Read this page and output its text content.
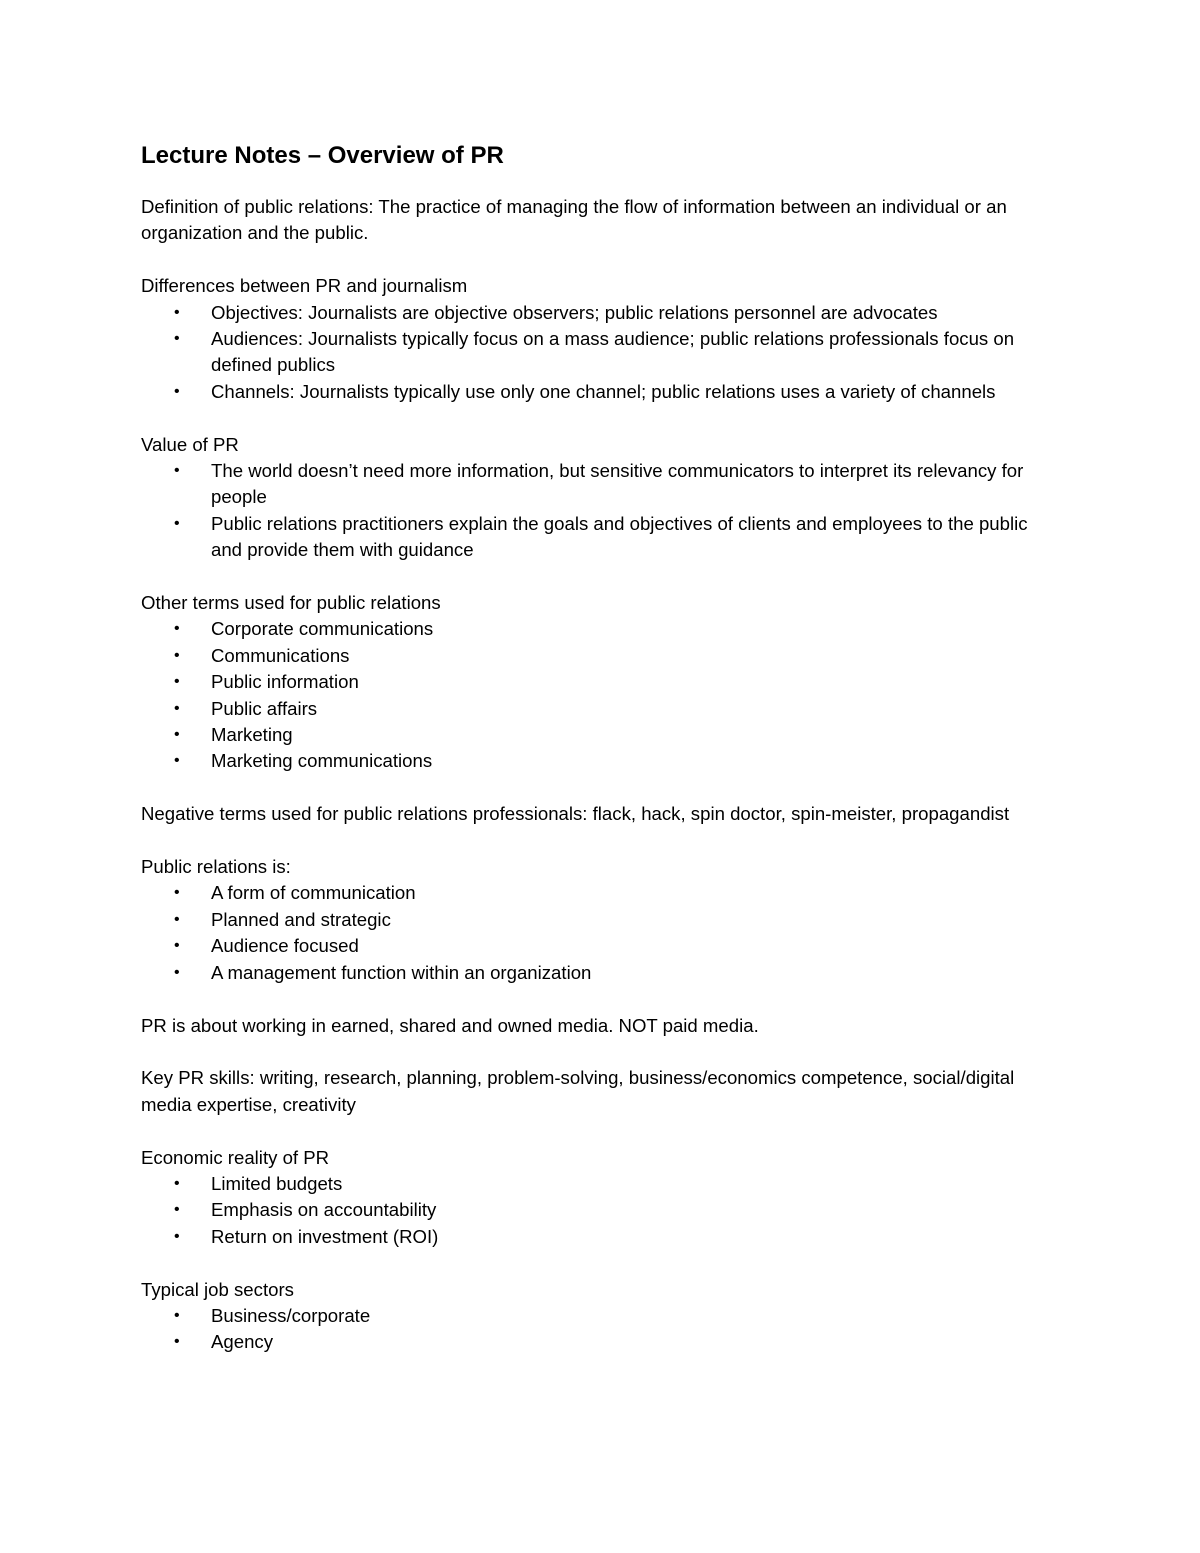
Lecture Notes – Overview of PR
Definition of public relations: The practice of managing the flow of information between an individual or an organization and the public.
Differences between PR and journalism
• Objectives: Journalists are objective observers; public relations personnel are advocates
• Audiences: Journalists typically focus on a mass audience; public relations professionals focus on defined publics
• Channels: Journalists typically use only one channel; public relations uses a variety of channels
Value of PR
• The world doesn’t need more information, but sensitive communicators to interpret its relevancy for people
• Public relations practitioners explain the goals and objectives of clients and employees to the public and provide them with guidance
Other terms used for public relations
• Corporate communications
• Communications
• Public information
• Public affairs
• Marketing
• Marketing communications
Negative terms used for public relations professionals: flack, hack, spin doctor, spin-meister, propagandist
Public relations is:
• A form of communication
• Planned and strategic
• Audience focused
• A management function within an organization
PR is about working in earned, shared and owned media. NOT paid media.
Key PR skills: writing, research, planning, problem-solving, business/economics competence, social/digital media expertise, creativity
Economic reality of PR
• Limited budgets
• Emphasis on accountability
• Return on investment (ROI)
Typical job sectors
• Business/corporate
• Agency
